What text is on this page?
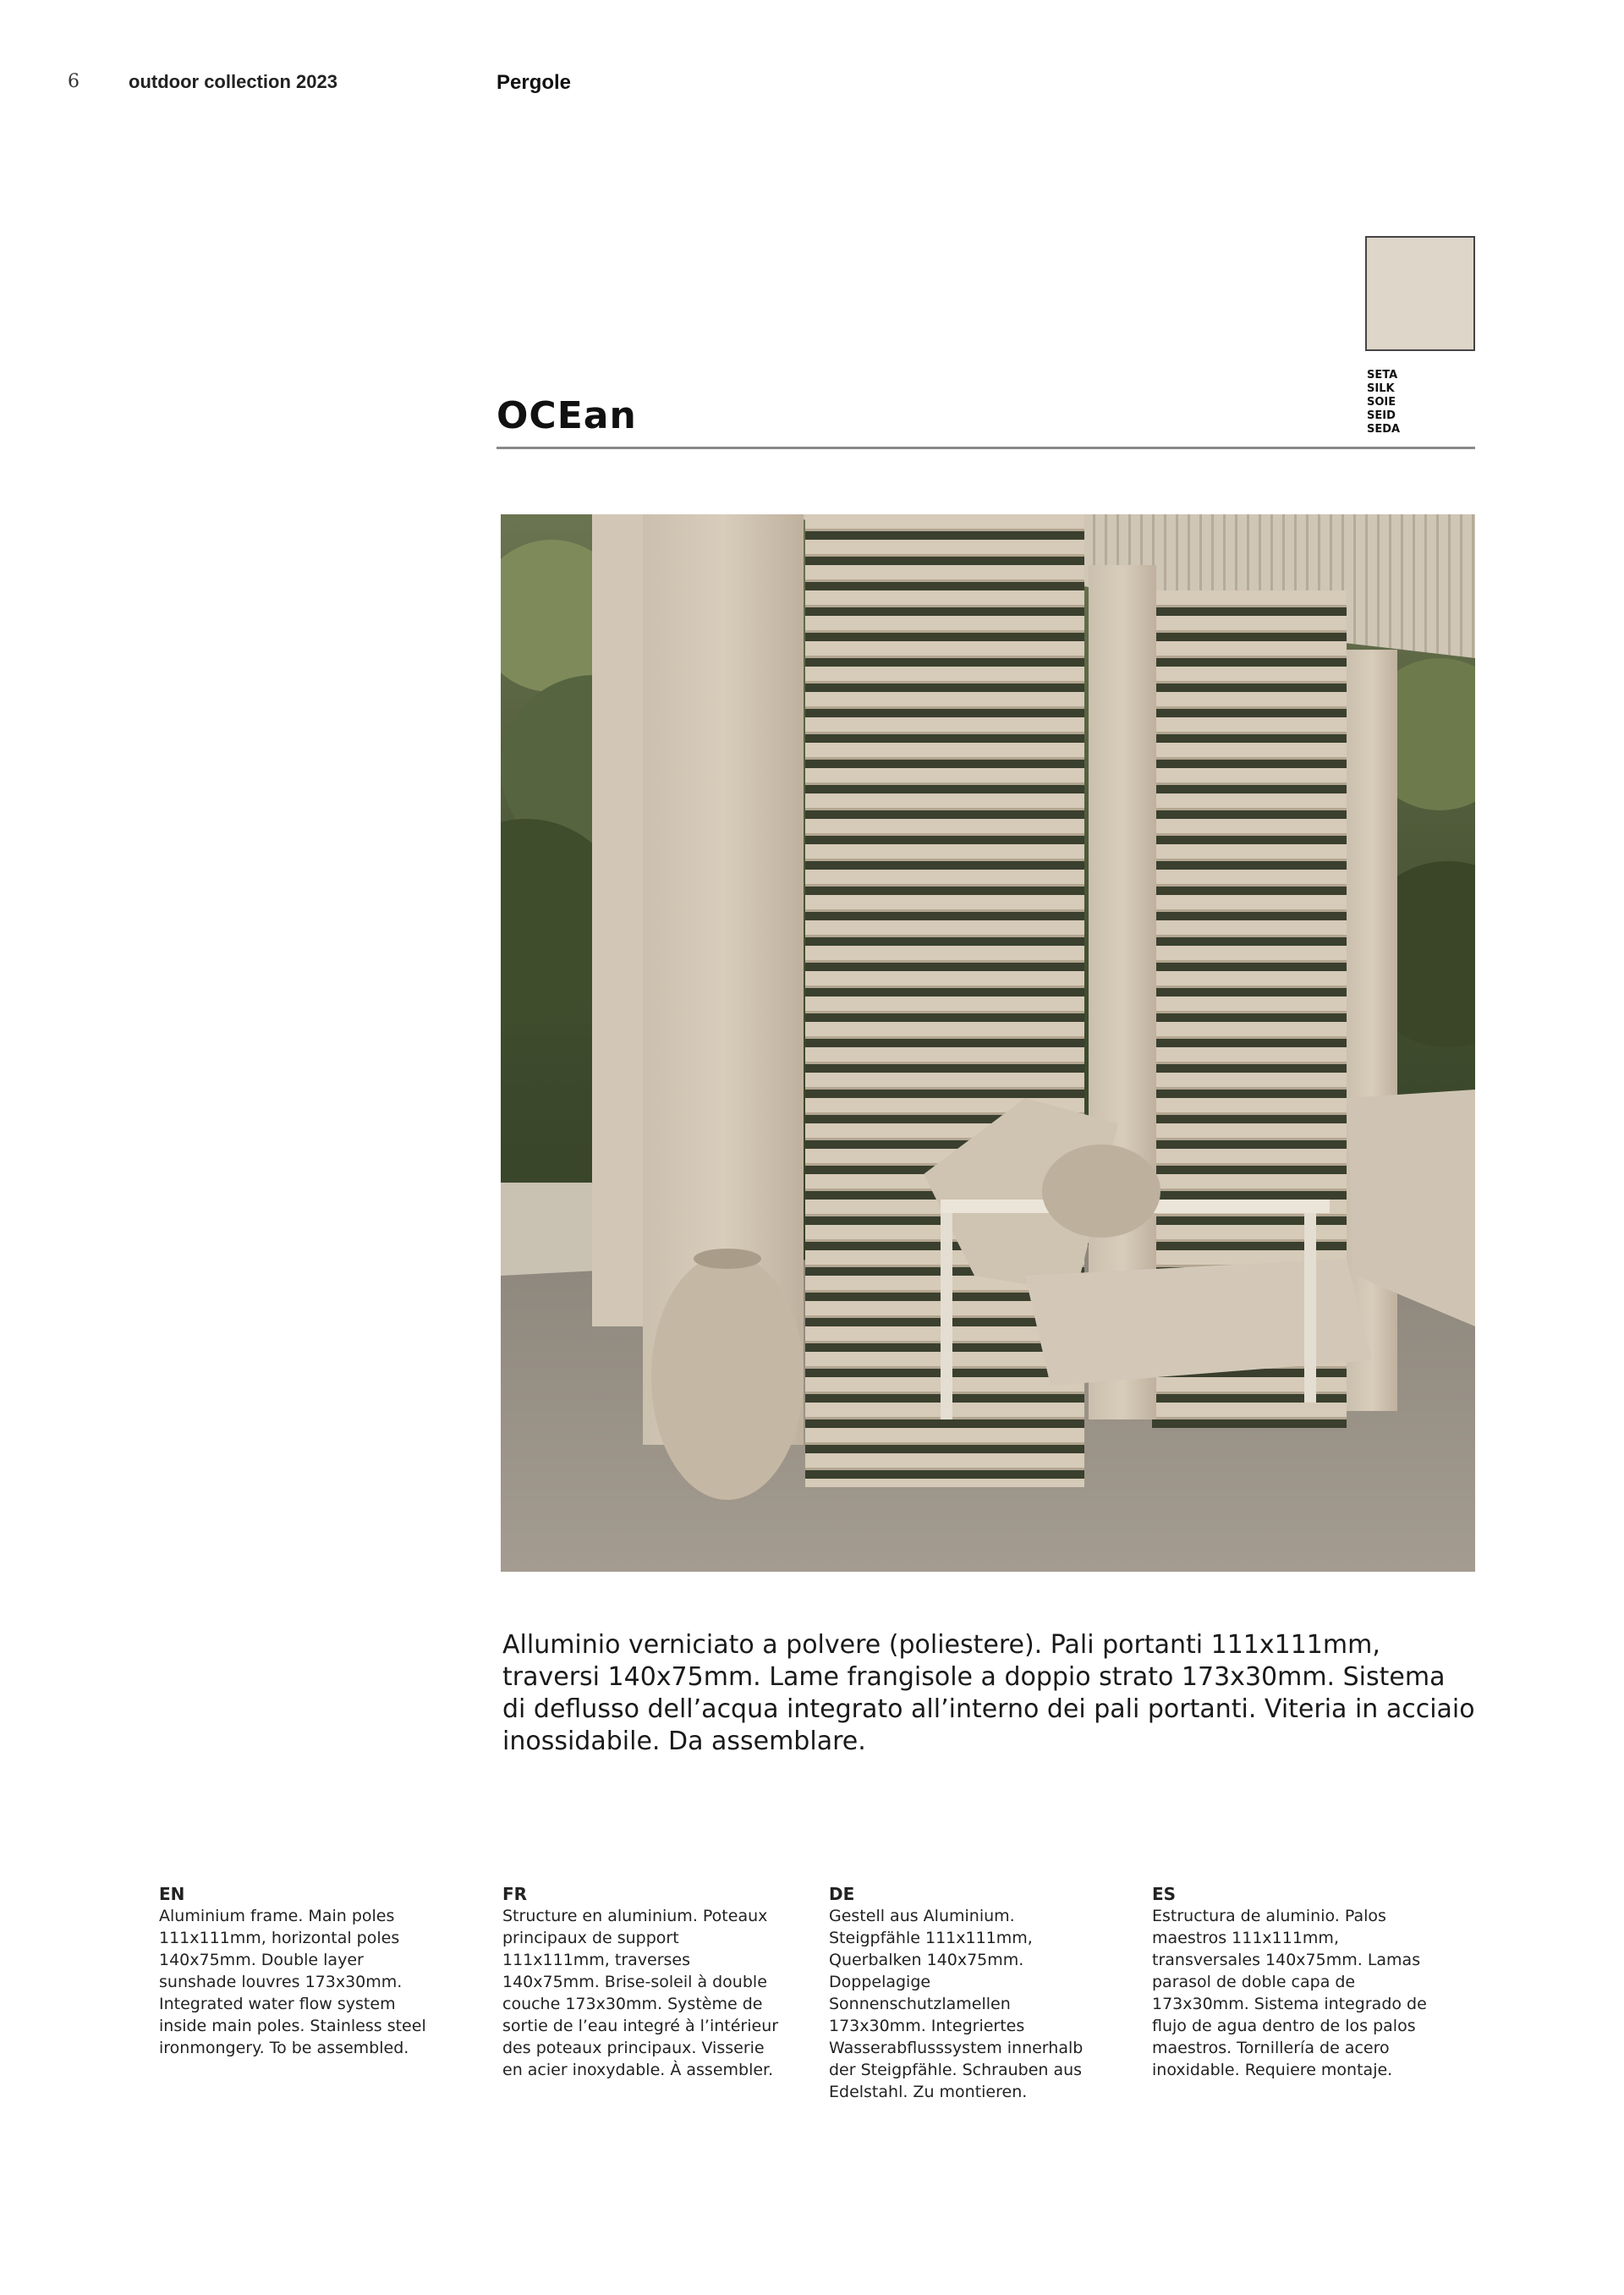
6	outdoor collection 2023	Pergole
SETA
SILK
SOIE
SEID
SEDA
OCEan
Alluminio verniciato a polvere (poliestere). Pali portanti 111x111mm, traversi 140x75mm. Lame frangisole a doppio strato 173x30mm. Sistema di deflusso dell’acqua integrato all’interno dei pali portanti. Viteria in acciaio inossidabile. Da assemblare.
EN
Aluminium frame. Main poles 111x111mm, horizontal poles 140x75mm. Double layer sunshade louvres 173x30mm. Integrated water flow system inside main poles. Stainless steel ironmongery. To be assembled.
FR
Structure en aluminium. Poteaux principaux de support 111x111mm, traverses 140x75mm. Brise-soleil à double couche 173x30mm. Système de sortie de l’eau integré à l’intérieur des poteaux principaux. Visserie en acier inoxydable. À assembler.
DE
Gestell aus Aluminium. Steigpfähle 111x111mm, Querbalken 140x75mm. Doppelagige Sonnenschutzlamellen 173x30mm. Integriertes Wasserabflusssystem innerhalb der Steigpfähle. Schrauben aus Edelstahl. Zu montieren.
ES
Estructura de aluminio. Palos maestros 111x111mm, transversales 140x75mm. Lamas parasol de doble capa de 173x30mm. Sistema integrado de flujo de agua dentro de los palos maestros. Tornillería de acero inoxidable. Requiere montaje.
